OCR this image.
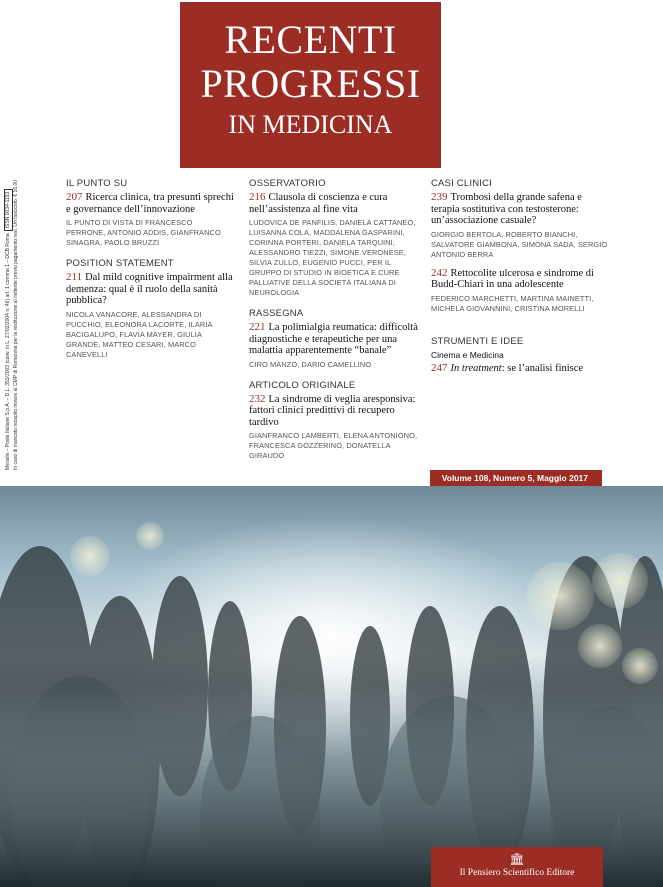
RECENTI
PROGRESSI
IN MEDICINA
Mensile – Poste Italiane S.p.A. – D.L. 353/2003 (conv. in L. 27/02/2004 n. 46) art. 1 comma 1 – DCB RomaISSN 0034-1193 In caso di mancato recapito inviare al CMP di Romanina per la restituzione al mittente previo pagamento resi. Un fascicolo: € 16,00	IL PUNTO SU
207 Ricerca clinica, tra presunti sprechi e governance dell’innovazione
IL PUNTO DI VISTA DI FRANCESCO PERRONE, ANTONIO ADDIS, GIANFRANCO SINAGRA, PAOLO BRUZZI
POSITION STATEMENT
211 Dal mild cognitive impairment alla demenza: qual è il ruolo della sanità pubblica?
NICOLA VANACORE, ALESSANDRA DI PUCCHIO, ELEONORA LACORTE, ILARIA BACIGALUPO, FLAVIA MAYER, GIULIA GRANDE, MATTEO CESARI, MARCO CANEVELLI
OSSERVATORIO
216 Clausola di coscienza e cura nell’assistenza al fine vita
LUDOVICA DE PANFILIS, DANIELA CATTANEO, LUISANNA COLA, MADDALENA GASPARINI, CORINNA PORTERI, DANIELA TARQUINI, ALESSANDRO TIEZZI, SIMONE VERONESE, SILVIA ZULLO, EUGENIO PUCCI, PER IL GRUPPO DI STUDIO IN BIOETICA E CURE PALLIATIVE DELLA SOCIETÀ ITALIANA DI NEUROLOGIA
RASSEGNA
221 La polimialgia reumatica: difficoltà diagnostiche e terapeutiche per una malattia apparentemente “banale”
CIRO MANZO, DARIO CAMELLINO
ARTICOLO ORIGINALE
232 La sindrome di veglia aresponsiva: fattori clinici predittivi di recupero tardivo
GIANFRANCO LAMBERTI, ELENA ANTONIONO, FRANCESCA GOZZERINO, DONATELLA GIRAUDO
CASI CLINICI
239 Trombosi della grande safena e terapia sostitutiva con testosterone: un’associazione casuale?
GIORGIO BERTOLA, ROBERTO BIANCHI, SALVATORE GIAMBONA, SIMONA SADA, SERGIO ANTONIO BERRA
242 Rettocolite ulcerosa e sindrome di Budd-Chiari in una adolescente
FEDERICO MARCHETTI, MARTINA MAINETTI, MICHELA GIOVANNINI, CRISTINA MORELLI
STRUMENTI E IDEE
Cinema e Medicina
247 In treatment: se l’analisi finisce
Volume 108, Numero 5, Maggio 2017
🏛
Il Pensiero Scientifico Editore
